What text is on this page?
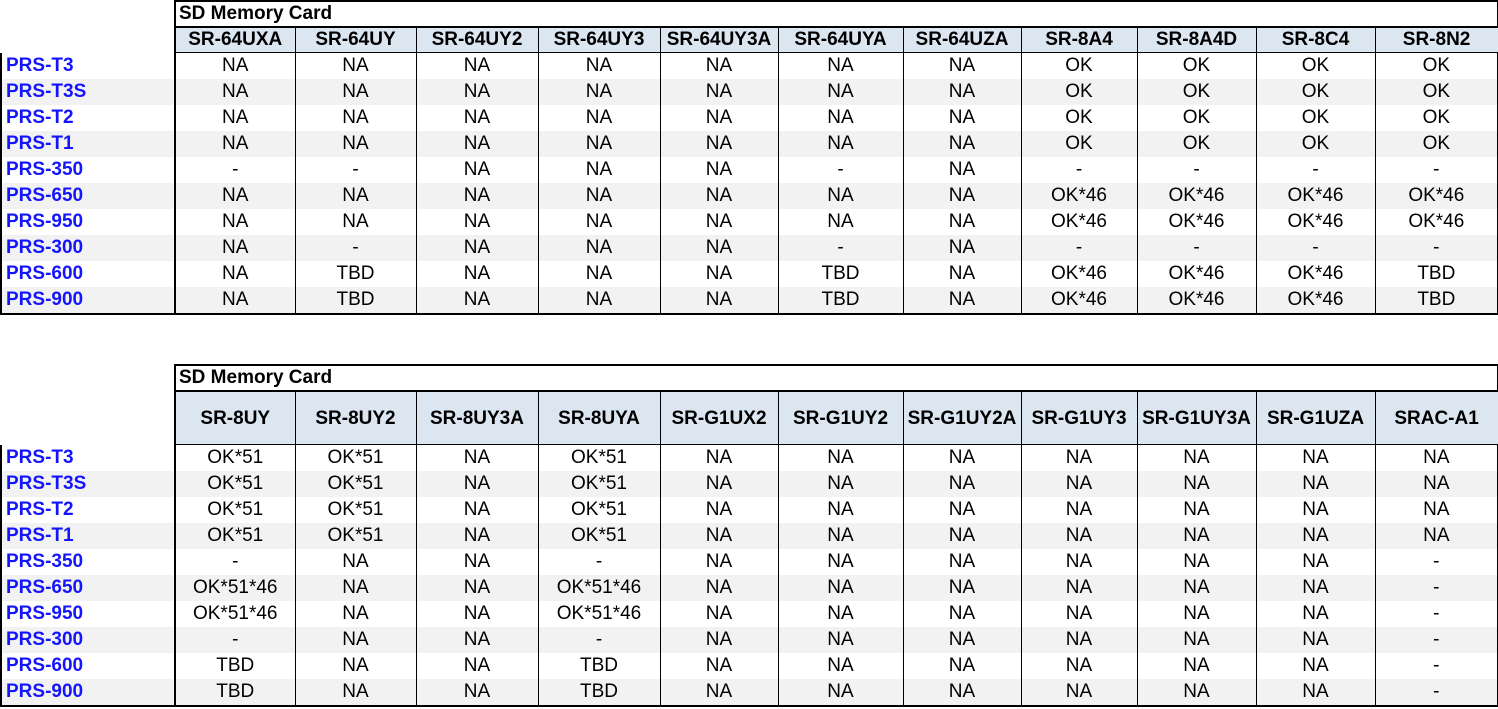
	SD Memory Card										
	SR-64UXA	SR-64UY	SR-64UY2	SR-64UY3	SR-64UY3A	SR-64UYA	SR-64UZA	SR-8A4	SR-8A4D	SR-8C4	SR-8N2
PRS-T3	NA	NA	NA	NA	NA	NA	NA	OK	OK	OK	OK
PRS-T3S	NA	NA	NA	NA	NA	NA	NA	OK	OK	OK	OK
PRS-T2	NA	NA	NA	NA	NA	NA	NA	OK	OK	OK	OK
PRS-T1	NA	NA	NA	NA	NA	NA	NA	OK	OK	OK	OK
PRS-350	-	-	NA	NA	NA	-	NA	-	-	-	-
PRS-650	NA	NA	NA	NA	NA	NA	NA	OK*46	OK*46	OK*46	OK*46
PRS-950	NA	NA	NA	NA	NA	NA	NA	OK*46	OK*46	OK*46	OK*46
PRS-300	NA	-	NA	NA	NA	-	NA	-	-	-	-
PRS-600	NA	TBD	NA	NA	NA	TBD	NA	OK*46	OK*46	OK*46	TBD
PRS-900	NA	TBD	NA	NA	NA	TBD	NA	OK*46	OK*46	OK*46	TBD
	SD Memory Card										
	SR-8UY	SR-8UY2	SR-8UY3A	SR-8UYA	SR-G1UX2	SR-G1UY2	SR-G1UY2A	SR-G1UY3	SR-G1UY3A	SR-G1UZA	SRAC-A1
PRS-T3	OK*51	OK*51	NA	OK*51	NA	NA	NA	NA	NA	NA	NA
PRS-T3S	OK*51	OK*51	NA	OK*51	NA	NA	NA	NA	NA	NA	NA
PRS-T2	OK*51	OK*51	NA	OK*51	NA	NA	NA	NA	NA	NA	NA
PRS-T1	OK*51	OK*51	NA	OK*51	NA	NA	NA	NA	NA	NA	NA
PRS-350	-	NA	NA	-	NA	NA	NA	NA	NA	NA	-
PRS-650	OK*51*46	NA	NA	OK*51*46	NA	NA	NA	NA	NA	NA	-
PRS-950	OK*51*46	NA	NA	OK*51*46	NA	NA	NA	NA	NA	NA	-
PRS-300	-	NA	NA	-	NA	NA	NA	NA	NA	NA	-
PRS-600	TBD	NA	NA	TBD	NA	NA	NA	NA	NA	NA	-
PRS-900	TBD	NA	NA	TBD	NA	NA	NA	NA	NA	NA	-
